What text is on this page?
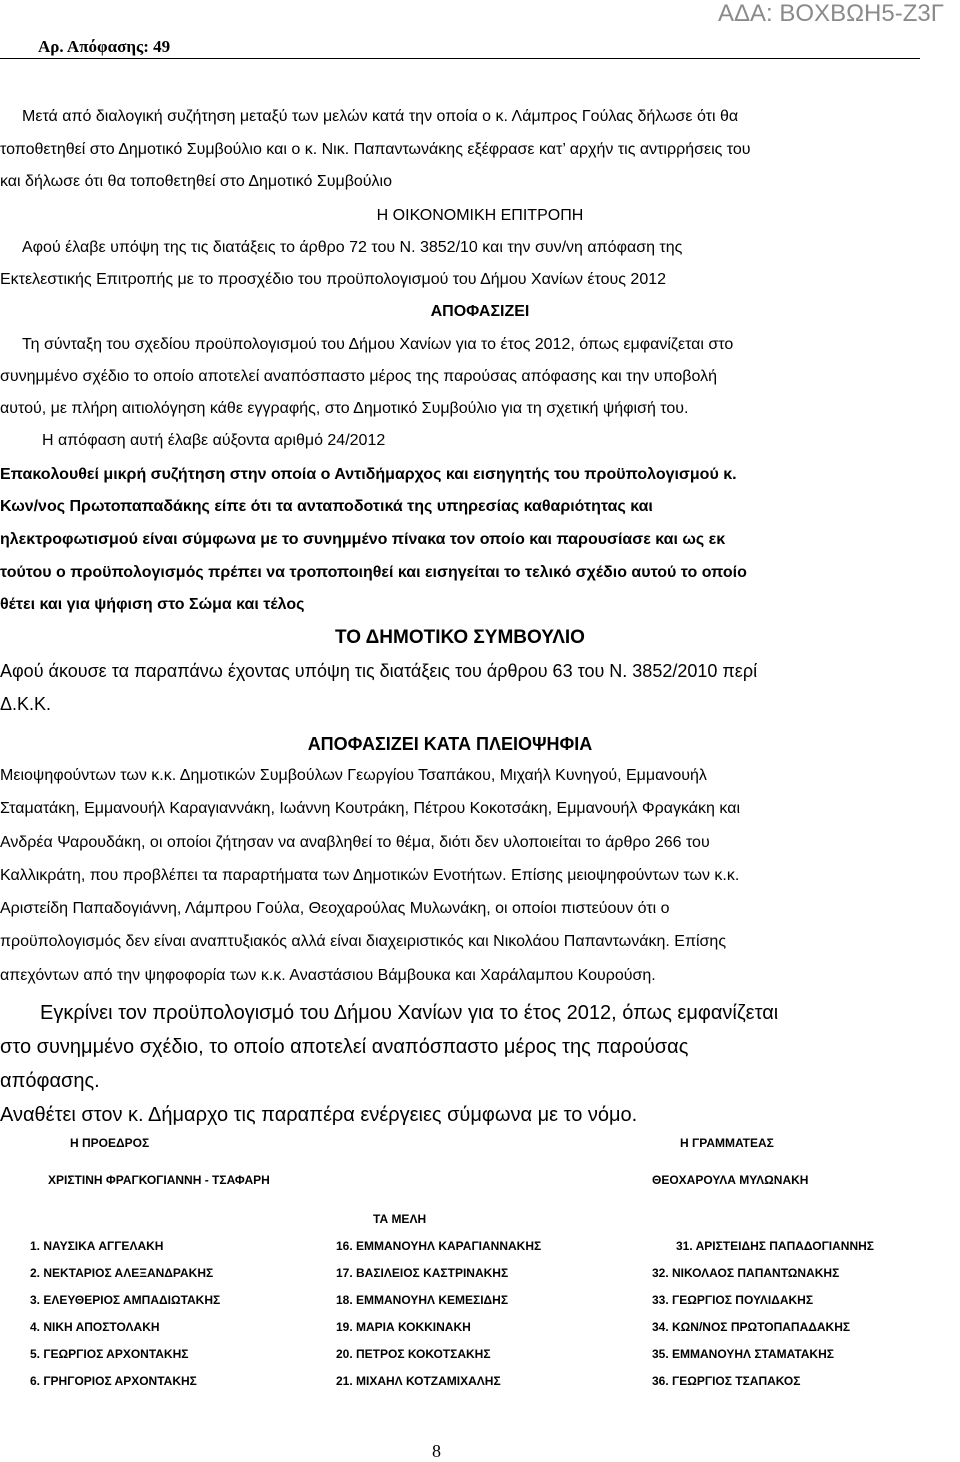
ΑΔΑ: ΒΟΧΒΩΗ5-Ζ3Γ
Αρ. Απόφασης: 49
Μετά από διαλογική συζήτηση μεταξύ των μελών κατά την οποία ο κ. Λάμπρος Γούλας δήλωσε ότι θα
τοποθετηθεί στο Δημοτικό Συμβούλιο και ο κ. Νικ. Παπαντωνάκης εξέφρασε κατ’ αρχήν τις αντιρρήσεις του
και δήλωσε ότι θα τοποθετηθεί στο Δημοτικό Συμβούλιο
Η ΟΙΚΟΝΟΜΙΚΗ ΕΠΙΤΡΟΠΗ
Αφού έλαβε υπόψη της τις διατάξεις το άρθρο 72 του Ν. 3852/10 και την συν/νη απόφαση της
Εκτελεστικής Επιτροπής με το προσχέδιο του προϋπολογισμού του Δήμου Χανίων έτους 2012
ΑΠΟΦΑΣΙΖΕΙ
Τη σύνταξη του σχεδίου προϋπολογισμού του Δήμου Χανίων για το έτος 2012, όπως εμφανίζεται στο
συνημμένο σχέδιο το οποίο αποτελεί αναπόσπαστο μέρος της παρούσας απόφασης και την υποβολή
αυτού, με πλήρη αιτιολόγηση κάθε εγγραφής, στο Δημοτικό Συμβούλιο για τη σχετική ψήφισή του.
Η απόφαση αυτή έλαβε αύξοντα αριθμό 24/2012
Επακολουθεί μικρή συζήτηση στην οποία ο Αντιδήμαρχος και εισηγητής του προϋπολογισμού κ.
Κων/νος Πρωτοπαπαδάκης είπε ότι τα ανταποδοτικά της υπηρεσίας καθαριότητας και
ηλεκτροφωτισμού είναι σύμφωνα με το συνημμένο πίνακα τον οποίο και παρουσίασε και ως εκ
τούτου ο προϋπολογισμός πρέπει να τροποποιηθεί και εισηγείται το τελικό σχέδιο αυτού το οποίο
θέτει και για ψήφιση στο Σώμα και τέλος
ΤΟ ΔΗΜΟΤΙΚΟ ΣΥΜΒΟΥΛΙΟ
Αφού άκουσε τα παραπάνω έχοντας υπόψη τις διατάξεις του άρθρου 63 του Ν. 3852/2010 περί
Δ.Κ.Κ.
ΑΠΟΦΑΣΙΖΕΙ ΚΑΤΑ ΠΛΕΙΟΨΗΦΙΑ
Μειοψηφούντων των κ.κ. Δημοτικών Συμβούλων Γεωργίου Τσαπάκου, Μιχαήλ Κυνηγού, Εμμανουήλ
Σταματάκη, Εμμανουήλ Καραγιαννάκη, Ιωάννη Κουτράκη, Πέτρου Κοκοτσάκη, Εμμανουήλ Φραγκάκη και
Ανδρέα Ψαρουδάκη, οι οποίοι ζήτησαν να αναβληθεί το θέμα, διότι δεν υλοποιείται το άρθρο 266 του
Καλλικράτη, που προβλέπει τα παραρτήματα των Δημοτικών Ενοτήτων. Επίσης μειοψηφούντων των κ.κ.
Αριστείδη Παπαδογιάννη, Λάμπρου Γούλα, Θεοχαρούλας Μυλωνάκη, οι οποίοι πιστεύουν ότι ο
προϋπολογισμός δεν είναι αναπτυξιακός αλλά είναι διαχειριστικός και Νικολάου Παπαντωνάκη. Επίσης
απεχόντων από την ψηφοφορία των κ.κ. Αναστάσιου Βάμβουκα και Χαράλαμπου Κουρούση.
Εγκρίνει τον προϋπολογισμό του Δήμου Χανίων για το έτος 2012, όπως εμφανίζεται
στο συνημμένο σχέδιο, το οποίο αποτελεί αναπόσπαστο μέρος της παρούσας
απόφασης.
Αναθέτει στον κ. Δήμαρχο τις παραπέρα ενέργειες σύμφωνα με το νόμο.
Η ΠΡΟΕΔΡΟΣ	Η ΓΡΑΜΜΑΤΕΑΣ
ΧΡΙΣΤΙΝΗ ΦΡΑΓΚΟΓΙΑΝΝΗ - ΤΣΑΦΑΡΗ	ΘΕΟΧΑΡΟΥΛΑ ΜΥΛΩΝΑΚΗ
ΤΑ ΜΕΛΗ
1. ΝΑΥΣΙΚΑ ΑΓΓΕΛΑΚΗ
2. ΝΕΚΤΑΡΙΟΣ ΑΛΕΞΑΝΔΡΑΚΗΣ
3. ΕΛΕΥΘΕΡΙΟΣ ΑΜΠΑΔΙΩΤΑΚΗΣ
4. ΝΙΚΗ ΑΠΟΣΤΟΛΑΚΗ
5. ΓΕΩΡΓΙΟΣ ΑΡΧΟΝΤΑΚΗΣ
6. ΓΡΗΓΟΡΙΟΣ ΑΡΧΟΝΤΑΚΗΣ
16. ΕΜΜΑΝΟΥΗΛ ΚΑΡΑΓΙΑΝΝΑΚΗΣ
17. ΒΑΣΙΛΕΙΟΣ ΚΑΣΤΡΙΝΑΚΗΣ
18. ΕΜΜΑΝΟΥΗΛ ΚΕΜΕΣΙΔΗΣ
19. ΜΑΡΙΑ ΚΟΚΚΙΝΑΚΗ
20. ΠΕΤΡΟΣ ΚΟΚΟΤΣΑΚΗΣ
21. ΜΙΧΑΗΛ ΚΟΤΖΑΜΙΧΑΛΗΣ
31. ΑΡΙΣΤΕΙΔΗΣ ΠΑΠΑΔΟΓΙΑΝΝΗΣ
32. ΝΙΚΟΛΑΟΣ ΠΑΠΑΝΤΩΝΑΚΗΣ
33. ΓΕΩΡΓΙΟΣ ΠΟΥΛΙΔΑΚΗΣ
34. ΚΩΝ/ΝΟΣ ΠΡΩΤΟΠΑΠΑΔΑΚΗΣ
35. ΕΜΜΑΝΟΥΗΛ ΣΤΑΜΑΤΑΚΗΣ
36. ΓΕΩΡΓΙΟΣ ΤΣΑΠΑΚΟΣ
8
